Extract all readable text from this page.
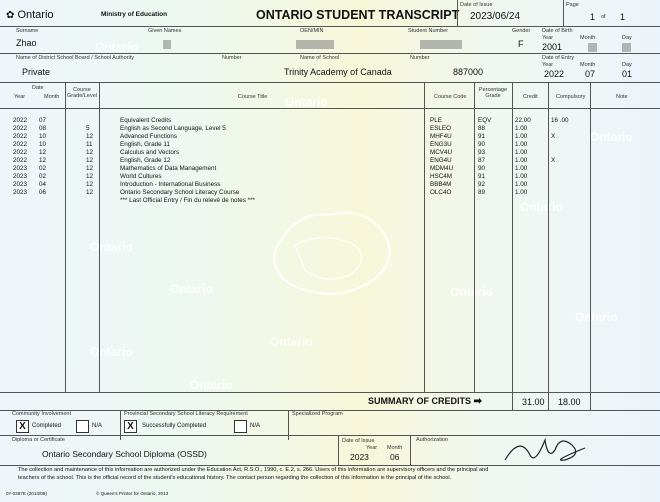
Ontario
Ontario
Ontario
Ontario	Ontario
Ontario
Ontario
Ontario
Ontario
Ontario
Ontario
✿ Ontario	Ministry of Education	ONTARIO STUDENT TRANSCRIPT
Date of Issue
2023/06/24
Page
1 of 1
Surname
Zhao
Given Names	OEN/MIN	Student Number	Gender
F
Date of Birth
Year	Month	Day
2001
Name of District School Board / School Authority
Private
Number	Name of School
Trinity Academy of Canada
Number
887000
Date of Entry
Year	Month	Day
2022 07	01
Date
Year	Month
Course Grade/Level	Course Title	Course Code
Percentage Grade	Credit	Compulsory	Note
2022 07	Equivalent Credits	PLE	EQV	22.00	16 .00
2022 08	5	English as Second Language, Level 5	ESLEO	88	1.00
2022 10	12	Advanced Functions	MHF4U	91	1.00	X
2022 10	11	English, Grade 11	ENG3U	90	1.00
2022 12	12	Calculus and Vectors	MCV4U	93	1.00
2022 12	12	English, Grade 12	ENG4U	87	1.00	X
2023 02	12	Mathematics of Data Management	MDM4U	90	1.00
2023 02	12	World Cultures	HSC4M	91	1.00
2023 04	12	Introduction - International Business	BBB4M	92	1.00
2023 06	12	Ontario Secondary School Literacy Course	OLC4O	89	1.00
*** Last Official Entry / Fin du relevé de notes ***
SUMMARY OF CREDITS ➡	31.00 18.00
Community Involvement
X	Completed	N/A
Provincial Secondary School Literacy Requirement
X	Successfully Completed	N/A
Specialized Program
Diploma or Certificate
Ontario Secondary School Diploma (OSSD)
Date of Issue
Year Month
2023 06
Authorization
The collection and maintenance of this information are authorized under the Education Act, R.S.O., 1990, c. E.2, s. 266. Users of this information are supervisory officers and the principal and
teachers of the school. This is the official record of the student's educational history. The contact person regarding the collection of this information is the principal of the school.
07-0287E (2013/09)	© Queen's Printer for Ontario, 2013
